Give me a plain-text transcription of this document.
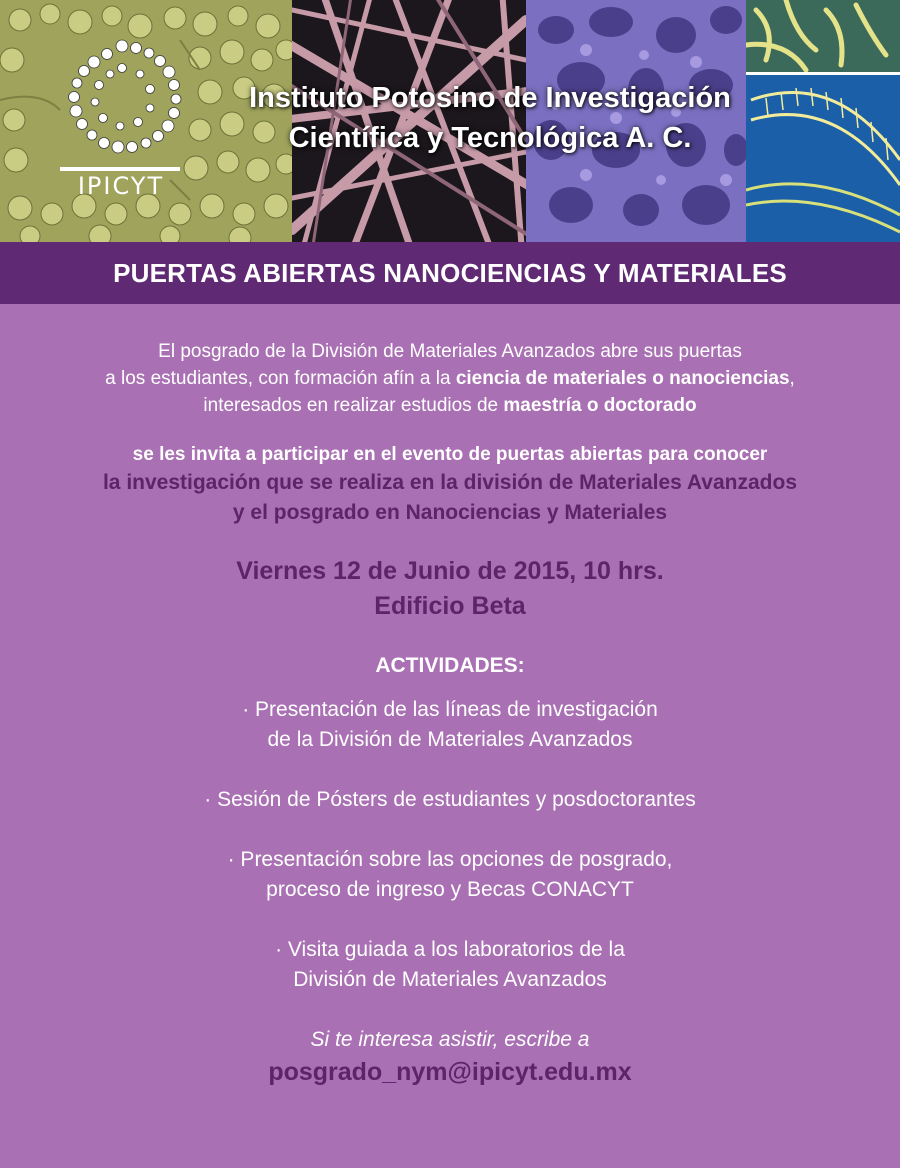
IPICYT
Instituto Potosino de Investigación
Científica y Tecnológica A. C.
PUERTAS ABIERTAS NANOCIENCIAS Y MATERIALES
El posgrado de la División de Materiales Avanzados abre sus puertas
a los estudiantes, con formación afín a la ciencia de materiales o nanociencias,
interesados en realizar estudios de maestría o doctorado
se les invita a participar en el evento de puertas abiertas para conocer
la investigación que se realiza en la división de Materiales Avanzados
y el posgrado en Nanociencias y Materiales
Viernes 12 de Junio de 2015, 10 hrs.
Edificio Beta
ACTIVIDADES:
· Presentación de las líneas de investigación
de la División de Materiales Avanzados
· Sesión de Pósters de estudiantes y posdoctorantes
· Presentación sobre las opciones de posgrado,
proceso de ingreso y Becas CONACYT
· Visita guiada a los laboratorios de la
División de Materiales Avanzados
Si te interesa asistir, escribe a
posgrado_nym@ipicyt.edu.mx
